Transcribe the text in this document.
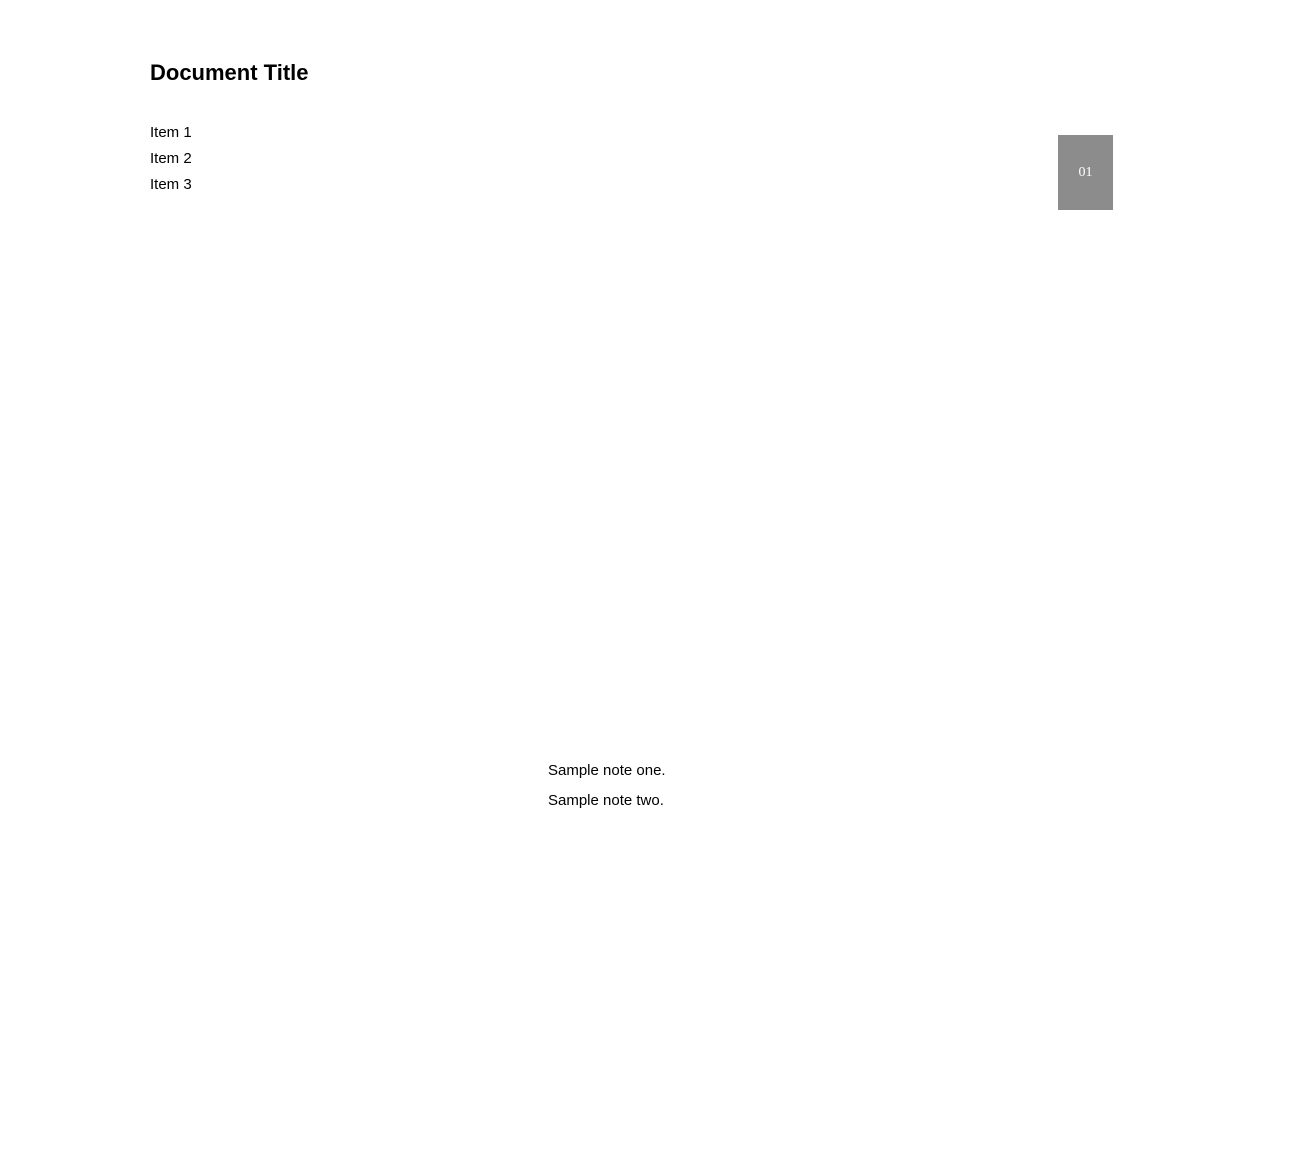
01
Document Title
Item 1
Item 2
Item 3
Sample note one.
Sample note two.
